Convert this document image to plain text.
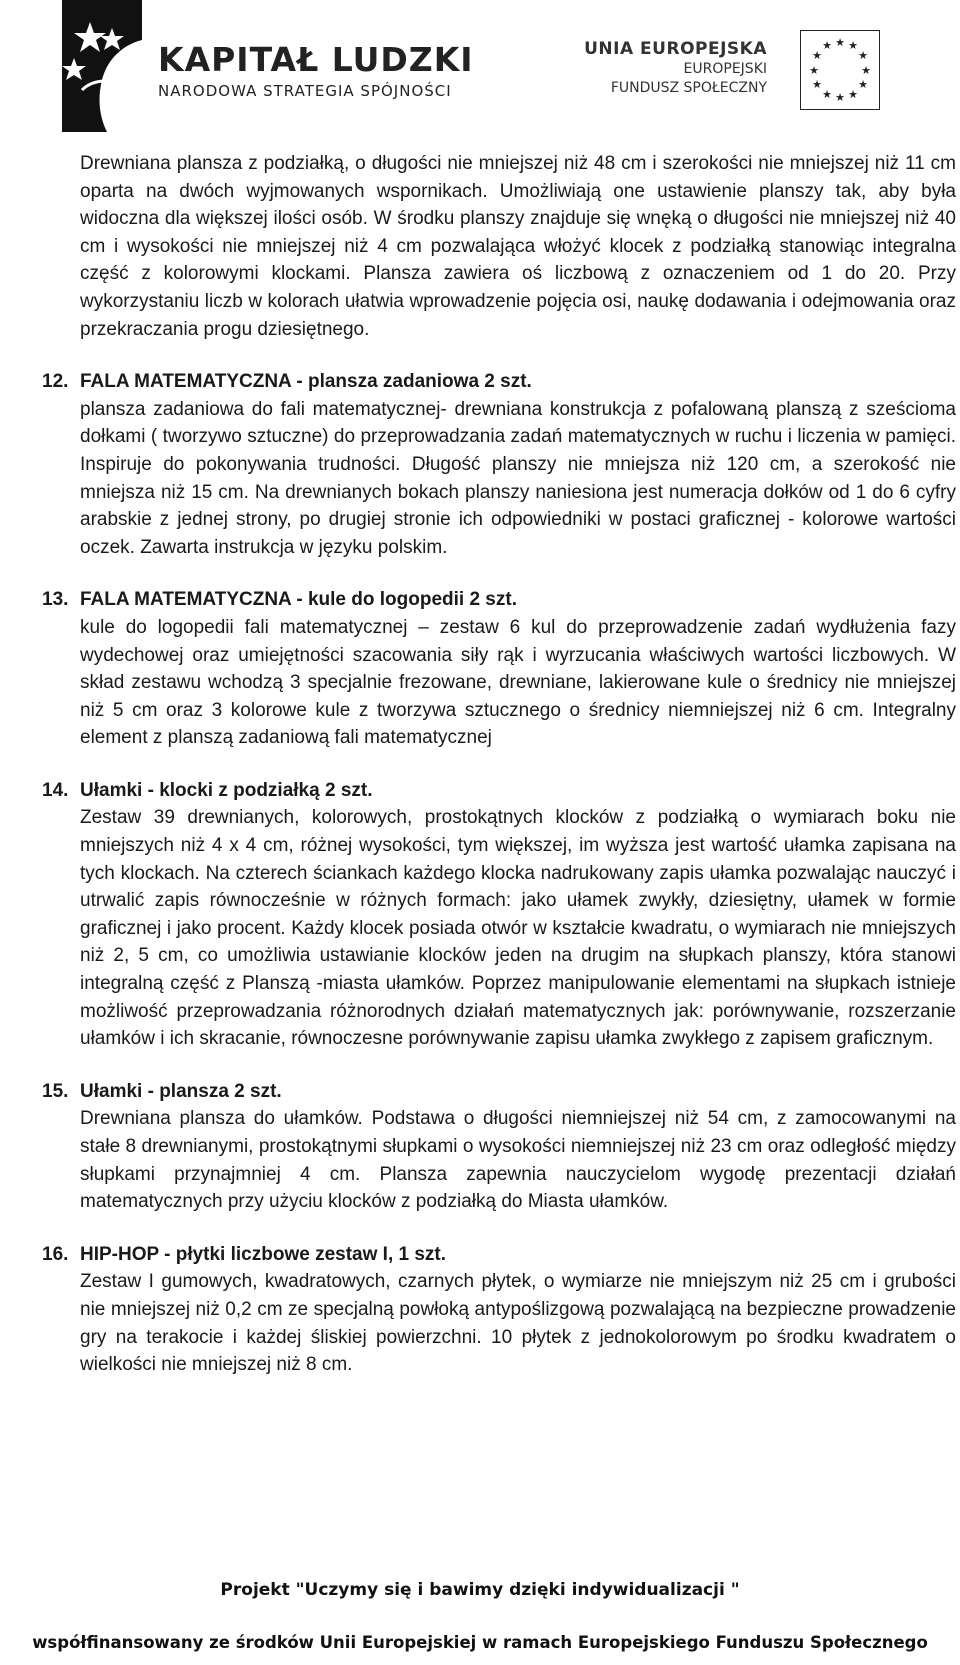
KAPITAŁ LUDZKI
NARODOWA STRATEGIA SPÓJNOŚCI
UNIA EUROPEJSKA
EUROPEJSKI
FUNDUSZ SPOŁECZNY
★ ★
★
★
★
★
★
★
★
★
★
★

Drewniana plansza z podziałką, o długości nie mniejszej niż 48 cm i szerokości nie mniejszej niż 11 cm oparta na dwóch wyjmowanych wspornikach. Umożliwiają one ustawienie planszy tak, aby była widoczna dla większej ilości osób. W środku planszy znajduje się wnęką o długości nie mniejszej niż 40 cm i wysokości nie mniejszej niż 4 cm pozwalająca włożyć klocek z podziałką stanowiąc integralna część z kolorowymi klockami. Plansza zawiera oś liczbową z oznaczeniem od 1 do 20. Przy wykorzystaniu liczb w kolorach ułatwia wprowadzenie pojęcia osi, naukę dodawania i odejmowania oraz przekraczania progu dziesiętnego.

12. FALA MATEMATYCZNA - plansza zadaniowa 2 szt.

plansza zadaniowa do fali matematycznej- drewniana konstrukcja z pofalowaną planszą z sześcioma dołkami ( tworzywo sztuczne) do przeprowadzania zadań matematycznych w ruchu i liczenia w pamięci. Inspiruje do pokonywania trudności. Długość planszy nie mniejsza niż 120 cm, a szerokość nie mniejsza niż 15 cm. Na drewnianych bokach planszy naniesiona jest numeracja dołków od 1 do 6 cyfry arabskie z jednej strony, po drugiej stronie ich odpowiedniki w postaci graficznej - kolorowe wartości oczek. Zawarta instrukcja w języku polskim.

13. FALA MATEMATYCZNA - kule do logopedii 2 szt.

kule do logopedii fali matematycznej – zestaw 6 kul do przeprowadzenie zadań wydłużenia fazy wydechowej oraz umiejętności szacowania siły rąk i wyrzucania właściwych wartości liczbowych. W skład zestawu wchodzą 3 specjalnie frezowane, drewniane, lakierowane kule o średnicy nie mniejszej niż 5 cm oraz 3 kolorowe kule z tworzywa sztucznego o średnicy niemniejszej niż 6 cm. Integralny element z planszą zadaniową fali matematycznej

14. Ułamki - klocki z podziałką 2 szt.

Zestaw 39 drewnianych, kolorowych, prostokątnych klocków z podziałką o wymiarach boku nie mniejszych niż 4 x 4 cm, różnej wysokości, tym większej, im wyższa jest wartość ułamka zapisana na tych klockach. Na czterech ściankach każdego klocka nadrukowany zapis ułamka pozwalając nauczyć i utrwalić zapis równocześnie w różnych formach: jako ułamek zwykły, dziesiętny, ułamek w formie graficznej i jako procent. Każdy klocek posiada otwór w kształcie kwadratu, o wymiarach nie mniejszych niż 2, 5 cm, co umożliwia ustawianie klocków jeden na drugim na słupkach planszy, która stanowi integralną część z Planszą -miasta ułamków. Poprzez manipulowanie elementami na słupkach istnieje możliwość przeprowadzania różnorodnych działań matematycznych jak: porównywanie, rozszerzanie ułamków i ich skracanie, równoczesne porównywanie zapisu ułamka zwykłego z zapisem graficznym.

15. Ułamki - plansza 2 szt.

Drewniana plansza do ułamków. Podstawa o długości niemniejszej niż 54 cm, z zamocowanymi na stałe 8 drewnianymi, prostokątnymi słupkami o wysokości niemniejszej niż 23 cm oraz odległość między słupkami przynajmniej 4 cm. Plansza zapewnia nauczycielom wygodę prezentacji działań matematycznych przy użyciu klocków z podziałką do Miasta ułamków.

16. HIP-HOP - płytki liczbowe zestaw I, 1 szt.

Zestaw I gumowych, kwadratowych, czarnych płytek, o wymiarze nie mniejszym niż 25 cm i grubości nie mniejszej niż 0,2 cm ze specjalną powłoką antypoślizgową pozwalającą na bezpieczne prowadzenie gry na terakocie i każdej śliskiej powierzchni. 10 płytek z jednokolorowym po środku kwadratem o wielkości nie mniejszej niż 8 cm.

Projekt "Uczymy się i bawimy dzięki indywidualizacji "
współfinansowany ze środków Unii Europejskiej w ramach Europejskiego Funduszu Społecznego
